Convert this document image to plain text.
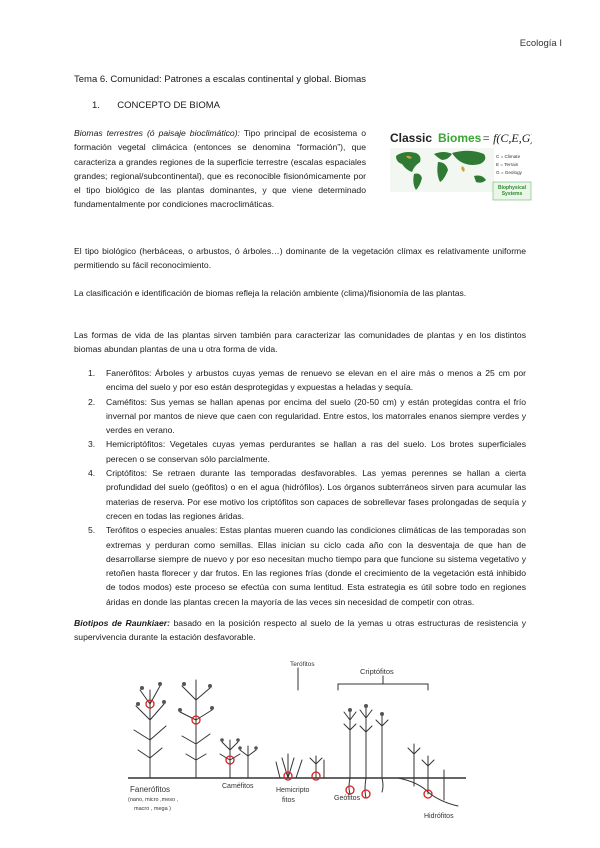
Ecología I
Tema 6. Comunidad: Patrones a escalas continental y global. Biomas
1. CONCEPTO DE BIOMA
Biomas terrestres (ó paisaje bioclimático): Tipo principal de ecosistema o formación vegetal climácica (entonces se denomina “formación”), que caracteriza a grandes regiones de la superficie terrestre (escalas espaciales grandes; regional/subcontinental), que es reconocible fisionómicamente por el tipo biológico de las plantas dominantes, y que viene determinado fundamentalmente por condiciones macroclimáticas.
Classic Biomes = f(C,E,G)
C = Climate
E = Terrain
G = Geology
Biophysical Systems
El tipo biológico (herbáceas, o arbustos, ó árboles…) dominante de la vegetación clímax es relativamente uniforme permitiendo su fácil reconocimiento.
La clasificación e identificación de biomas refleja la relación ambiente (clima)/fisionomía de las plantas.
Las formas de vida de las plantas sirven también para caracterizar las comunidades de plantas y en los distintos biomas abundan plantas de una u otra forma de vida.
1.	Fanerófitos: Árboles y arbustos cuyas yemas de renuevo se elevan en el aire más o menos a 25 cm por encima del suelo y por eso están desprotegidas y expuestas a heladas y sequía.
2.	Caméfitos: Sus yemas se hallan apenas por encima del suelo (20-50 cm) y están protegidas contra el frío invernal por mantos de nieve que caen con regularidad. Entre estos, los matorrales enanos siempre verdes y verdes en verano.
3.	Hemicriptófitos: Vegetales cuyas yemas perdurantes se hallan a ras del suelo. Los brotes superficiales perecen o se conservan sólo parcialmente.
4.	Criptófitos: Se retraen durante las temporadas desfavorables. Las yemas perennes se hallan a cierta profundidad del suelo (geófitos) o en el agua (hidrófilos). Los órganos subterráneos sirven para acumular las materias de reserva. Por ese motivo los criptófitos son capaces de sobrellevar fases prolongadas de sequía y crecen en todas las regiones áridas.
5.	Terófitos o especies anuales: Estas plantas mueren cuando las condiciones climáticas de las temporadas son extremas y perduran como semillas. Ellas inician su ciclo cada año con la desventaja de que han de desarrollarse siempre de nuevo y por eso necesitan mucho tiempo para que funcione su sistema vegetativo y retoñen hasta florecer y dar frutos. En las regiones frías (donde el crecimiento de la vegetación está inhibido de todos modos) este proceso se efectúa con suma lentitud. Esta estrategia es útil sobre todo en regiones áridas en donde las plantas crecen la mayoría de las veces sin necesidad de competir con otras.
Biotipos de Raunkiaer: basado en la posición respecto al suelo de la yemas u otras estructuras de resistencia y supervivencia durante la estación desfavorable.
Fanerófitos
(nano, micro ,meso ,
macro , mega )
Caméfitos
Hemicripto
fitos
Terófitos
Criptófitos
Geófitos
Hidrófitos
